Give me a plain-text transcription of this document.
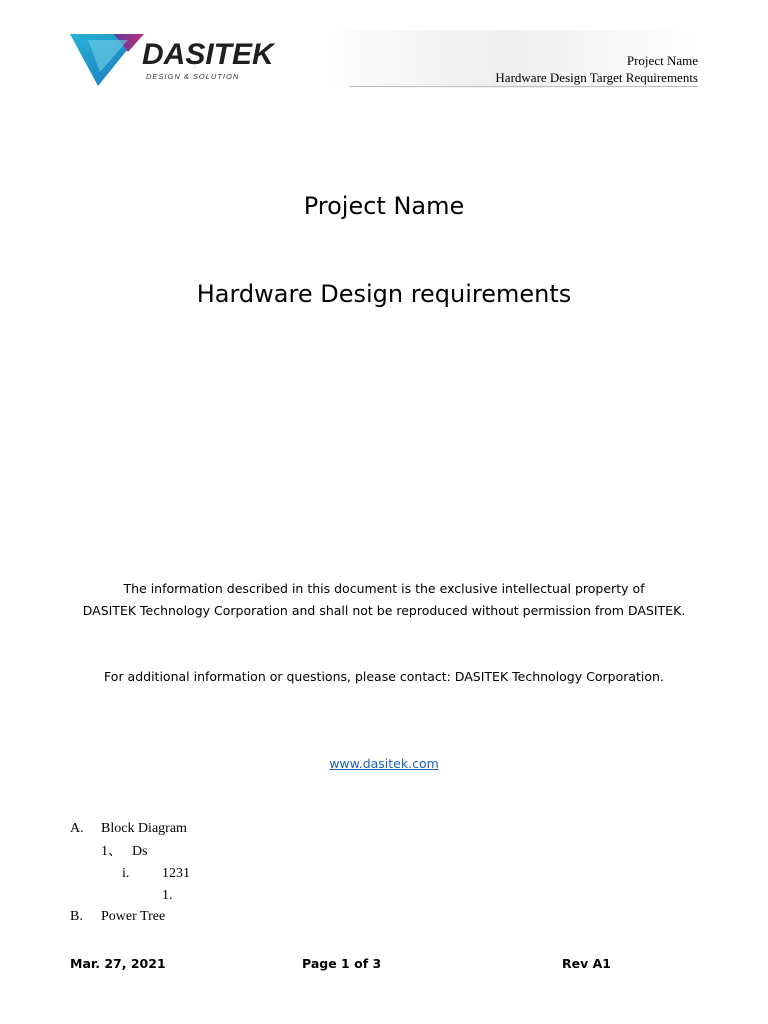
DASITEK
DESIGN & SOLUTION
Project Name
Hardware Design Target Requirements
Project Name
Hardware Design requirements
The information described in this document is the exclusive intellectual property of
DASITEK Technology Corporation and shall not be reproduced without permission from DASITEK.
For additional information or questions, please contact: DASITEK Technology Corporation.
www.dasitek.com
A. Block Diagram
1、 Ds
i. 1231
1.
B. Power Tree
Mar. 27, 2021	Page 1 of 3	Rev A1
